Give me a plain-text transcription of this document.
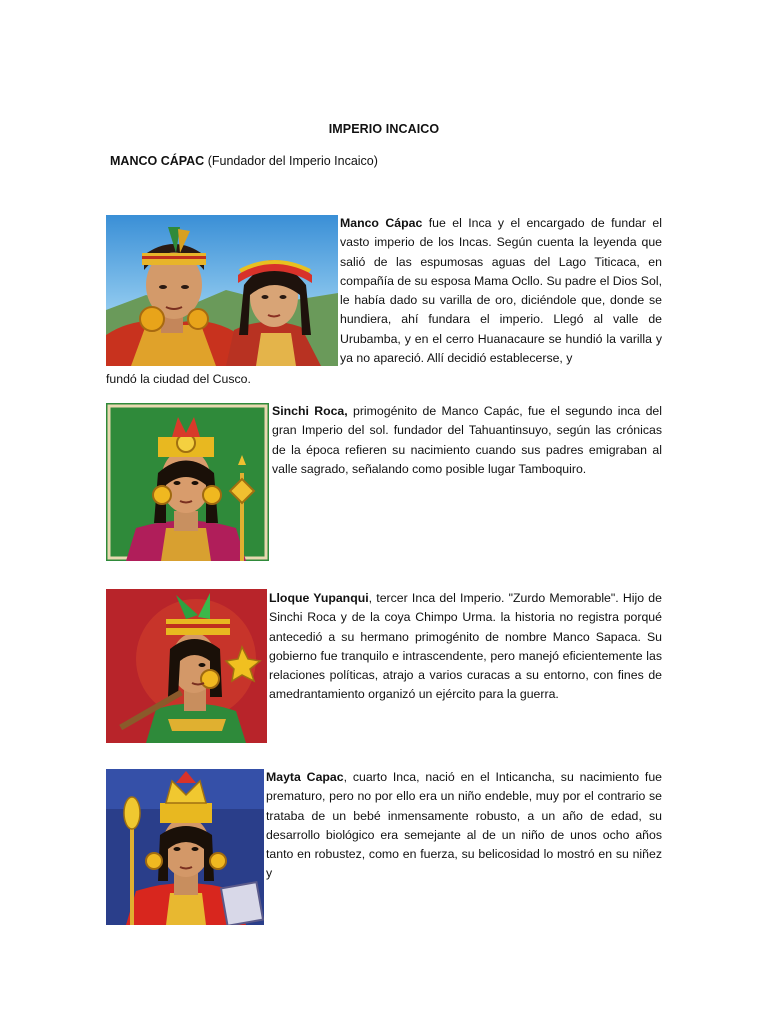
IMPERIO INCAICO
MANCO CÁPAC (Fundador del Imperio Incaico)
Manco Cápac fue el Inca y el encargado de fundar el vasto imperio de los Incas. Según cuenta la leyenda que salió de las espumosas aguas del Lago Titicaca, en compañía de su esposa Mama Ocllo. Su padre el Dios Sol, le había dado su varilla de oro, diciéndole que, donde se hundiera, ahí fundara el imperio. Llegó al valle de Urubamba, y en el cerro Huanacaure se hundió la varilla y ya no apareció. Allí decidió establecerse, y
fundó la ciudad del Cusco.
Sinchi Roca, primogénito de Manco Capác, fue el segundo inca del gran Imperio del sol. fundador del Tahuantinsuyo, según las crónicas de la época refieren su nacimiento cuando sus padres emigraban al valle sagrado, señalando como posible lugar Tamboquiro.
Lloque Yupanqui, tercer Inca del Imperio. "Zurdo Memorable". Hijo de Sinchi Roca y de la coya Chimpo Urma. la historia no registra porqué antecedió a su hermano primogénito de nombre Manco Sapaca. Su gobierno fue tranquilo e intrascendente, pero manejó eficientemente las relaciones políticas, atrajo a varios curacas a su entorno, con fines de amedrantamiento organizó un ejército para la guerra.
Mayta Capac, cuarto Inca, nació en el Inticancha, su nacimiento fue prematuro, pero no por ello era un niño endeble, muy por el contrario se trataba de un bebé inmensamente robusto, a un año de edad, su desarrollo biológico era semejante al de un niño de unos ocho años tanto en robustez, como en fuerza, su belicosidad lo mostró en su niñez y
